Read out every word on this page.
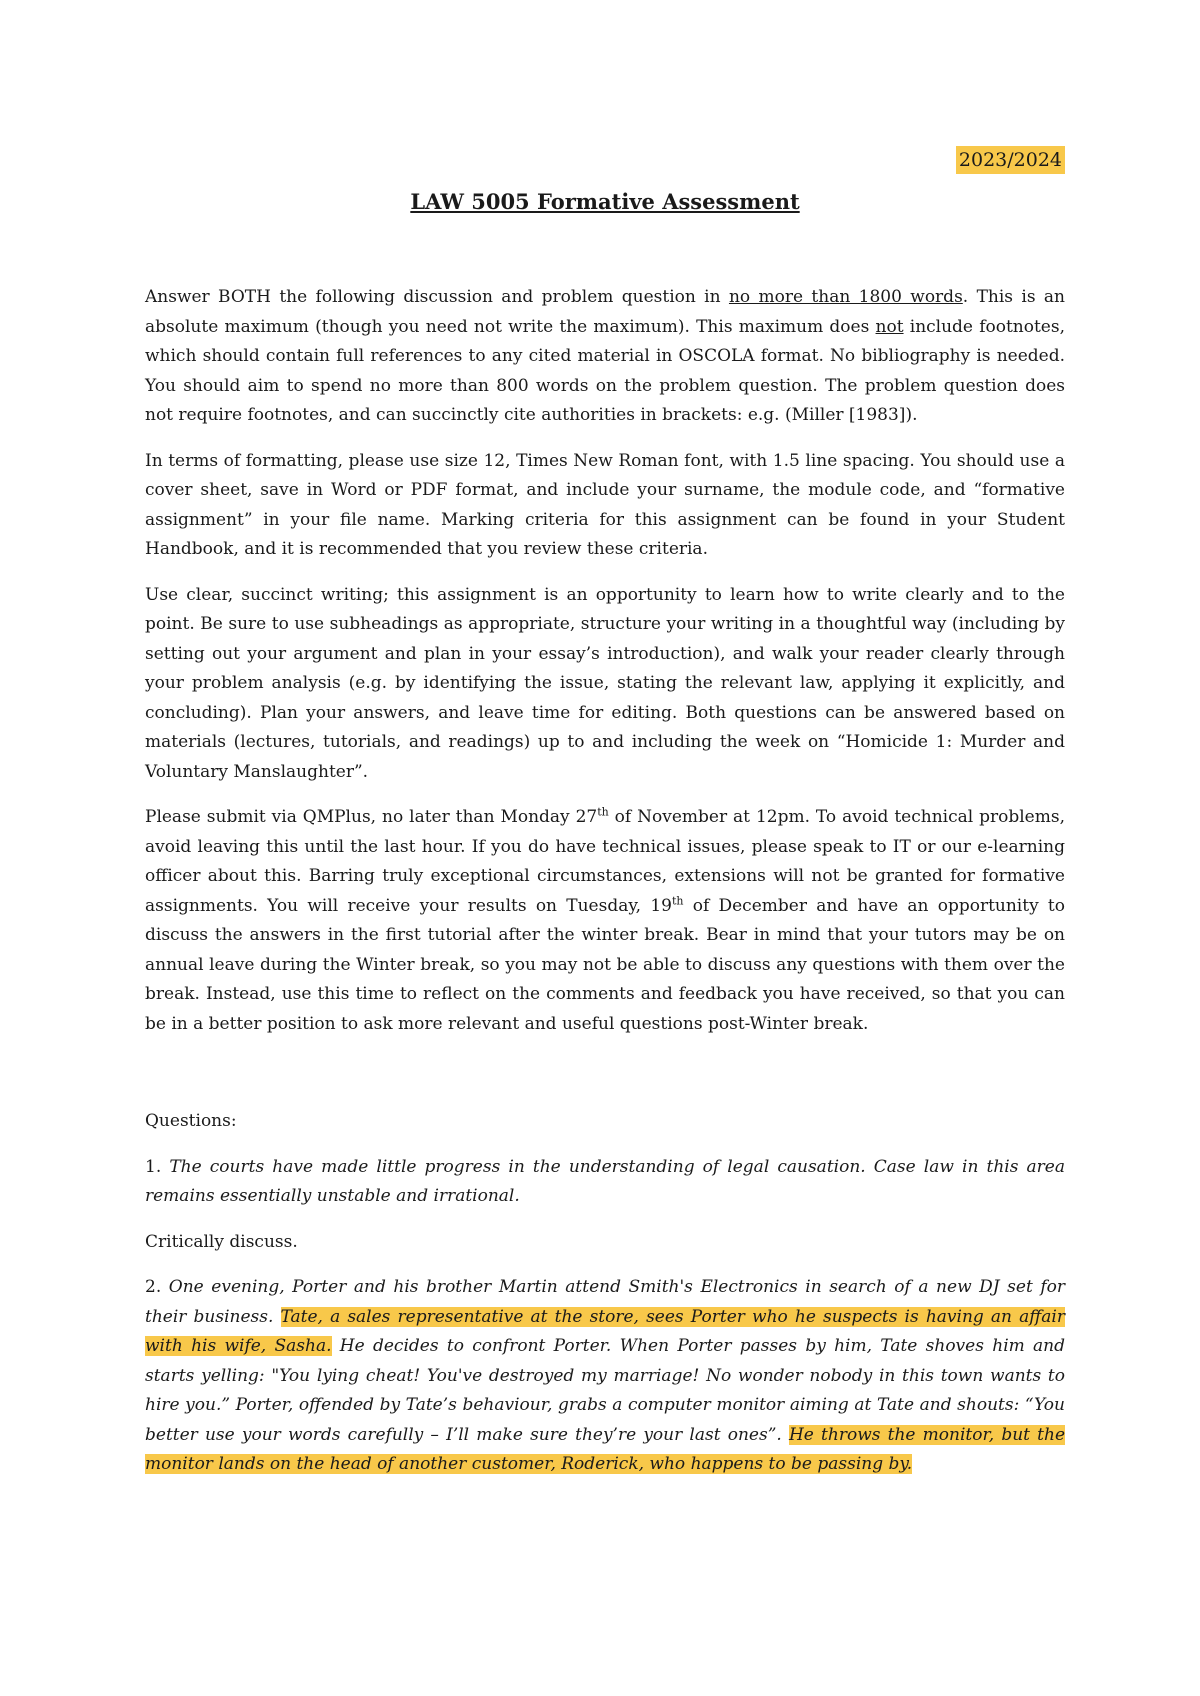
2023/2024
LAW 5005 Formative Assessment

Answer BOTH the following discussion and problem question in no more than 1800 words. This is an absolute maximum (though you need not write the maximum). This maximum does not include footnotes, which should contain full references to any cited material in OSCOLA format. No bibliography is needed. You should aim to spend no more than 800 words on the problem question. The problem question does not require footnotes, and can succinctly cite authorities in brackets: e.g. (Miller [1983]).

In terms of formatting, please use size 12, Times New Roman font, with 1.5 line spacing. You should use a cover sheet, save in Word or PDF format, and include your surname, the module code, and “formative assignment” in your file name. Marking criteria for this assignment can be found in your Student Handbook, and it is recommended that you review these criteria.

Use clear, succinct writing; this assignment is an opportunity to learn how to write clearly and to the point. Be sure to use subheadings as appropriate, structure your writing in a thoughtful way (including by setting out your argument and plan in your essay’s introduction), and walk your reader clearly through your problem analysis (e.g. by identifying the issue, stating the relevant law, applying it explicitly, and concluding). Plan your answers, and leave time for editing. Both questions can be answered based on materials (lectures, tutorials, and readings) up to and including the week on “Homicide 1: Murder and Voluntary Manslaughter”.

Please submit via QMPlus, no later than Monday 27th of November at 12pm. To avoid technical problems, avoid leaving this until the last hour. If you do have technical issues, please speak to IT or our e-learning officer about this. Barring truly exceptional circumstances, extensions will not be granted for formative assignments. You will receive your results on Tuesday, 19th of December and have an opportunity to discuss the answers in the first tutorial after the winter break. Bear in mind that your tutors may be on annual leave during the Winter break, so you may not be able to discuss any questions with them over the break. Instead, use this time to reflect on the comments and feedback you have received, so that you can be in a better position to ask more relevant and useful questions post-Winter break.

Questions:

1. The courts have made little progress in the understanding of legal causation. Case law in this area remains essentially unstable and irrational.

Critically discuss.

2. One evening, Porter and his brother Martin attend Smith's Electronics in search of a new DJ set for their business. Tate, a sales representative at the store, sees Porter who he suspects is having an affair with his wife, Sasha. He decides to confront Porter. When Porter passes by him, Tate shoves him and starts yelling: "You lying cheat! You've destroyed my marriage! No wonder nobody in this town wants to hire you.” Porter, offended by Tate’s behaviour, grabs a computer monitor aiming at Tate and shouts: “You better use your words carefully – I’ll make sure they’re your last ones”. He throws the monitor, but the monitor lands on the head of another customer, Roderick, who happens to be passing by.
